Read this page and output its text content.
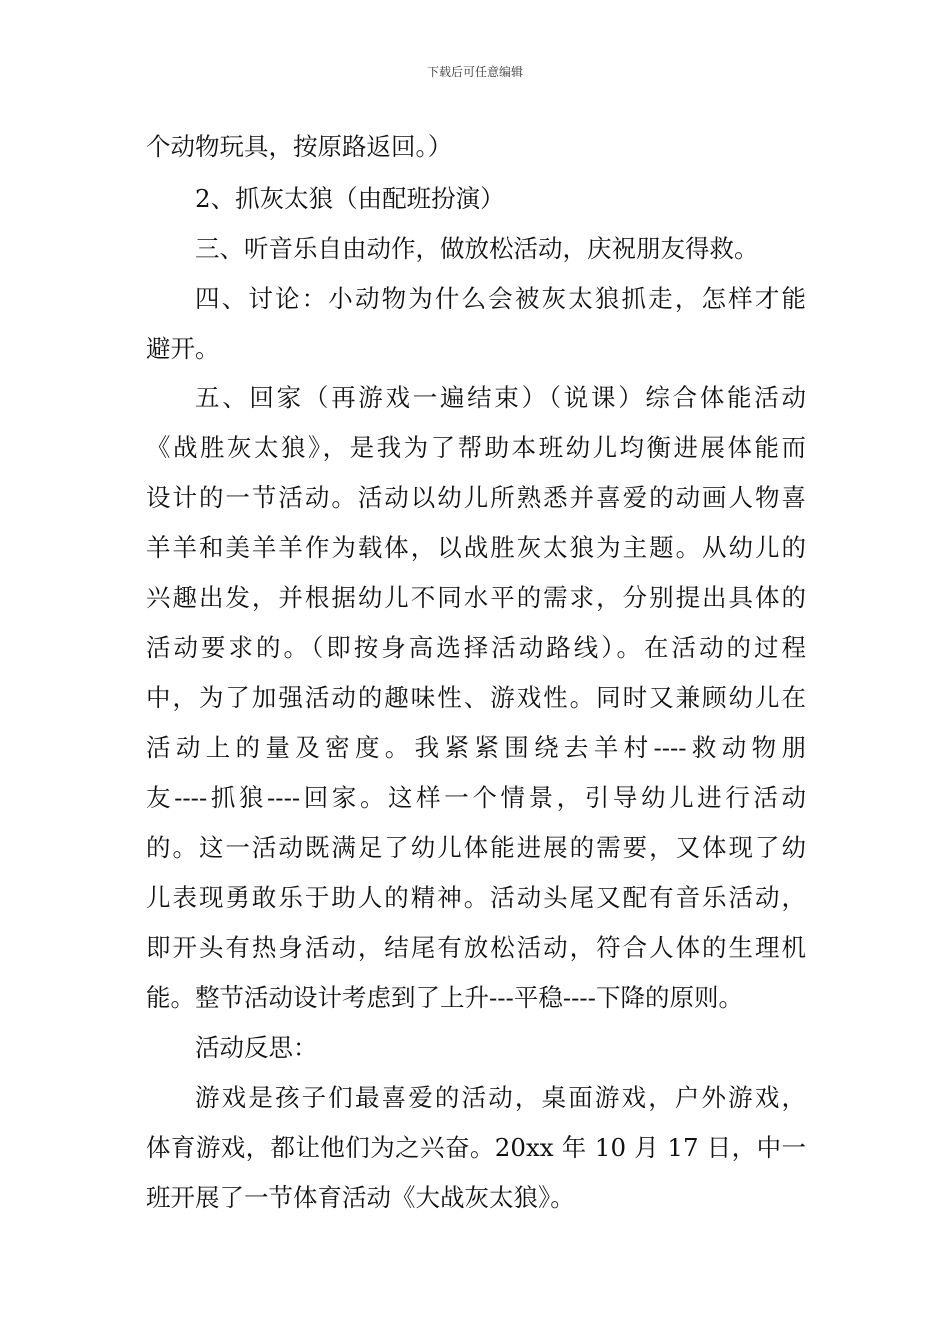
下载后可任意编辑
个动物玩具，按原路返回。）
2、抓灰太狼（由配班扮演）
三、听音乐自由动作，做放松活动，庆祝朋友得救。
四、讨论：小动物为什么会被灰太狼抓走，怎样才能
避开。
五、回家（再游戏一遍结束）（说课）综合体能活动
《战胜灰太狼》，是我为了帮助本班幼儿均衡进展体能而
设计的一节活动。活动以幼儿所熟悉并喜爱的动画人物喜
羊羊和美羊羊作为载体，以战胜灰太狼为主题。从幼儿的
兴趣出发，并根据幼儿不同水平的需求，分别提出具体的
活动要求的。（即按身高选择活动路线）。在活动的过程
中，为了加强活动的趣味性、游戏性。同时又兼顾幼儿在
活动上的量及密度。我紧紧围绕去羊村----救动物朋
友----抓狼----回家。这样一个情景，引导幼儿进行活动
的。这一活动既满足了幼儿体能进展的需要，又体现了幼
儿表现勇敢乐于助人的精神。活动头尾又配有音乐活动，
即开头有热身活动，结尾有放松活动，符合人体的生理机
能。整节活动设计考虑到了上升---平稳----下降的原则。
活动反思：
游戏是孩子们最喜爱的活动，桌面游戏，户外游戏，
体育游戏，都让他们为之兴奋。20xx 年 10 月 17 日，中一
班开展了一节体育活动《大战灰太狼》。
